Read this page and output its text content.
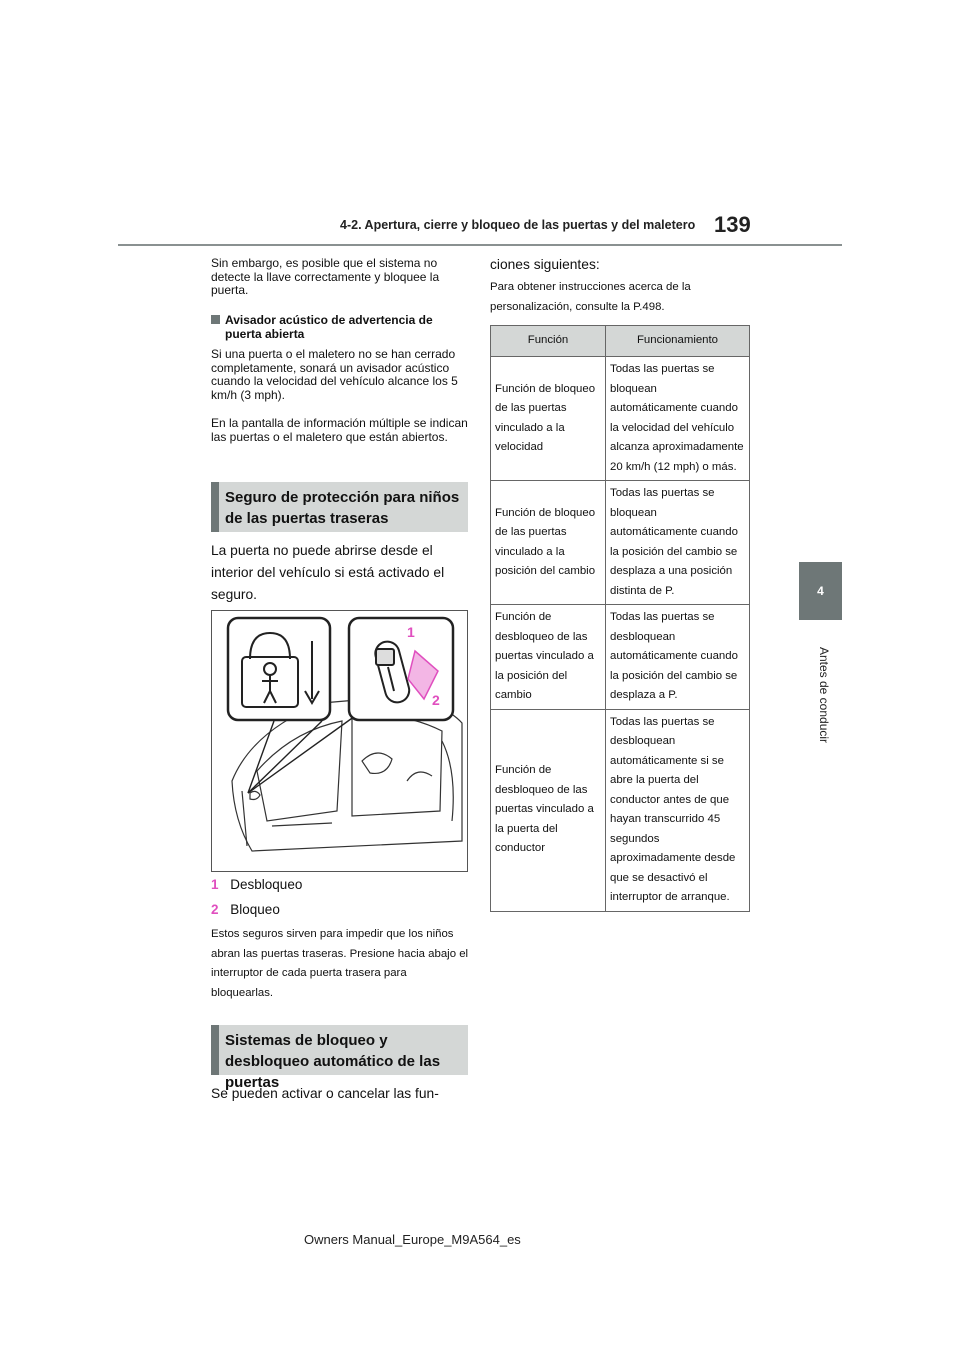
4-2. Apertura, cierre y bloqueo de las puertas y del maletero 139
4
Antes de conducir
Sin embargo, es posible que el sistema no detecte la llave correctamente y bloquee la puerta.
Avisador acústico de advertencia de puerta abierta
Si una puerta o el maletero no se han cerrado completamente, sonará un avisador acústico cuando la velocidad del vehículo alcance los 5 km/h (3 mph).
En la pantalla de información múltiple se indican las puertas o el maletero que están abiertos.
Seguro de protección para niños de las puertas traseras
La puerta no puede abrirse desde el interior del vehículo si está activado el seguro.
1
2
1 Desbloqueo
2 Bloqueo
Estos seguros sirven para impedir que los niños abran las puertas traseras. Presione hacia abajo el interruptor de cada puerta trasera para bloquearlas.
Sistemas de bloqueo y desbloqueo automático de las puertas
Se pueden activar o cancelar las fun-
ciones siguientes:
Para obtener instrucciones acerca de la personalización, consulte la P.498.
Función	Funcionamiento
Función de bloqueo de las puertas vinculado a la velocidad	Todas las puertas se bloquean automáticamente cuando la velocidad del vehículo alcanza aproximadamente 20 km/h (12 mph) o más.
Función de bloqueo de las puertas vinculado a la posición del cambio	Todas las puertas se bloquean automáticamente cuando la posición del cambio se desplaza a una posición distinta de P.
Función de desbloqueo de las puertas vinculado a la posición del cambio	Todas las puertas se desbloquean automáticamente cuando la posición del cambio se desplaza a P.
Función de desbloqueo de las puertas vinculado a la puerta del conductor	Todas las puertas se desbloquean automáticamente si se abre la puerta del conductor antes de que hayan transcurrido 45 segundos aproximadamente desde que se desactivó el interruptor de arranque.
Owners Manual_Europe_M9A564_es
